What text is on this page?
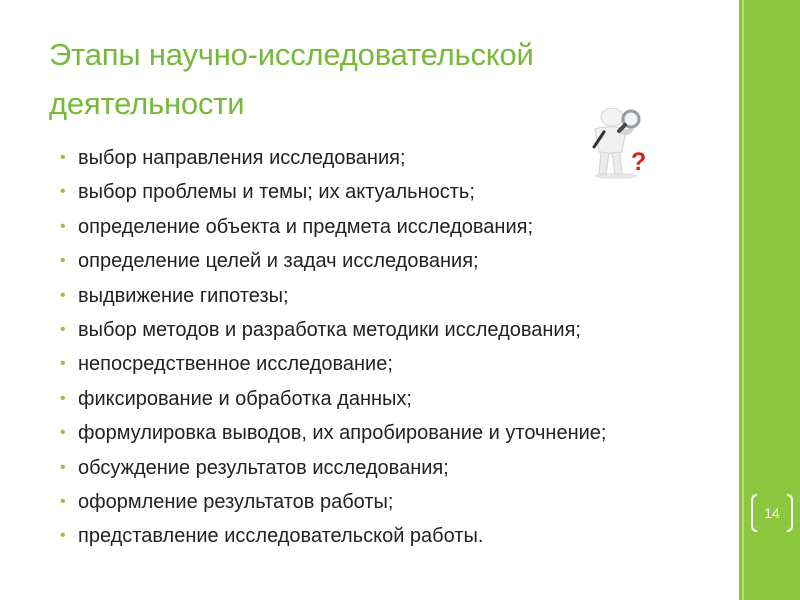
Этапы научно-исследовательской деятельности
• выбор направления исследования;
• выбор проблемы и темы; их актуальность;
• определение объекта и предмета исследования;
• определение целей и задач исследования;
• выдвижение гипотезы;
• выбор методов и разработка методики исследования;
• непосредственное исследование;
• фиксирование и обработка данных;
• формулировка выводов, их апробирование и уточнение;
• обсуждение результатов исследования;
• оформление результатов работы;
• представление исследовательской работы.
?
14
